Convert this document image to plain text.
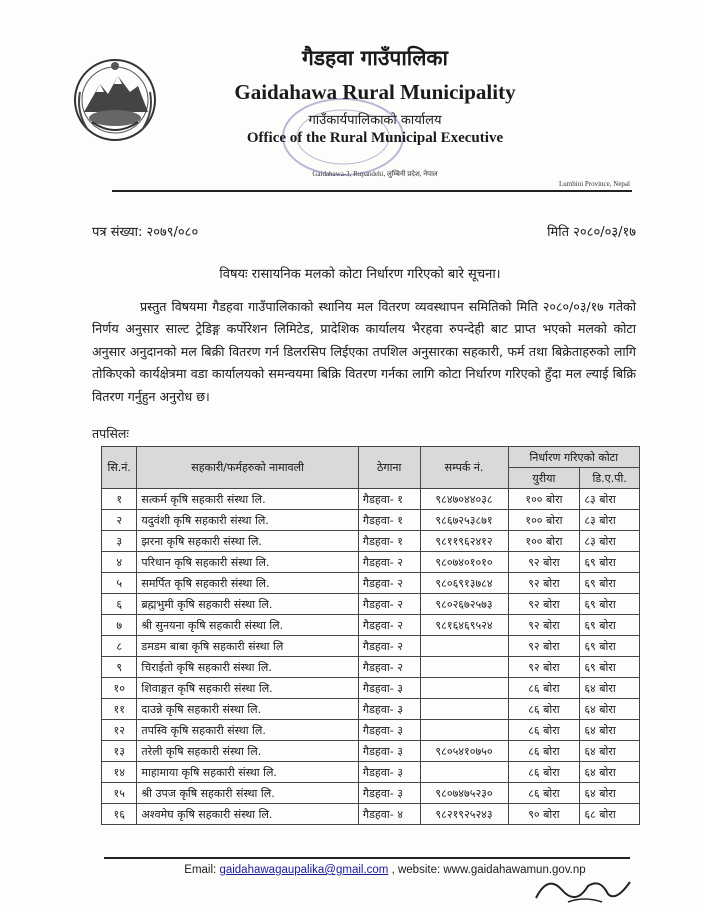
गैडहवा गाउँपालिका
Gaidahawa Rural Municipality
गाउँकार्यपालिकाको कार्यालय
Office of the Rural Municipal Executive
Gaidahawa-3, Rupandehi, लुम्बिनी प्रदेश, नेपाल
Lumbini Province, Nepal
पत्र संख्या: २०७९/०८०	मिति २०८०/०३/१७
विषयः रासायनिक मलको कोटा निर्धारण गरिएको बारे सूचना।
प्रस्तुत विषयमा गैडहवा गाउँपालिकाको स्थानिय मल वितरण व्यवस्थापन समितिको मिति २०८०/०३/१७ गतेको निर्णय अनुसार साल्ट ट्रेडिङ्ग कर्पोरेशन लिमिटेड, प्रादेशिक कार्यालय भैरहवा रुपन्देही बाट प्राप्त भएको मलको कोटा अनुसार अनुदानको मल बिक्री वितरण गर्न डिलरसिप लिईएका तपशिल अनुसारका सहकारी, फर्म तथा बिक्रेताहरुको लागि तोकिएको कार्यक्षेत्रमा वडा कार्यालयको समन्वयमा बिक्रि वितरण गर्नका लागि कोटा निर्धारण गरिएको हुँदा मल ल्याई बिक्रि वितरण गर्नुहुन अनुरोध छ।
तपसिलः
सि.नं.	सहकारी/फर्महरुको नामावली	ठेगाना	सम्पर्क नं.	निर्धारण गरिएको कोटा	
				युरीया	डि.ए.पी.
१	सत्कर्म कृषि सहकारी संस्था लि.	गैडहवा- १	९८४७०४४०३८	१०० बोरा	८३ बोरा
२	यदुवंशी कृषि सहकारी संस्था लि.	गैडहवा- १	९८६७२५३८७१	१०० बोरा	८३ बोरा
३	झरना कृषि सहकारी संस्था लि.	गैडहवा- १	९८११९६२४१२	१०० बोरा	८३ बोरा
४	परिधान कृषि सहकारी संस्था लि.	गैडहवा- २	९८०७४०१०१०	९२ बोरा	६९ बोरा
५	समर्पित कृषि सहकारी संस्था लि.	गैडहवा- २	९८०६९१३७८४	९२ बोरा	६९ बोरा
६	ब्रह्मभुमी कृषि सहकारी संस्था लि.	गैडहवा- २	९८०२६७२५७३	९२ बोरा	६९ बोरा
७	श्री सुनयना कृषि सहकारी संस्था लि.	गैडहवा- २	९८१६४६९५२४	९२ बोरा	६९ बोरा
८	डमडम बाबा कृषि सहकारी संस्था लि	गैडहवा- २		९२ बोरा	६९ बोरा
९	चिराईतो कृषि सहकारी संस्था लि.	गैडहवा- २		९२ बोरा	६९ बोरा
१०	शिवाङ्गत कृषि सहकारी संस्था लि.	गैडहवा- ३		८६ बोरा	६४ बोरा
११	दाउन्ने कृषि सहकारी संस्था लि.	गैडहवा- ३		८६ बोरा	६४ बोरा
१२	तपस्वि कृषि सहकारी संस्था लि.	गैडहवा- ३		८६ बोरा	६४ बोरा
१३	तरेली कृषि सहकारी संस्था लि.	गैडहवा- ३	९८०५४१०७५०	८६ बोरा	६४ बोरा
१४	माहामाया कृषि सहकारी संस्था लि.	गैडहवा- ३		८६ बोरा	६४ बोरा
१५	श्री उपज कृषि सहकारी संस्था लि.	गैडहवा- ३	९८०७४७५२३०	८६ बोरा	६४ बोरा
१६	अश्वमेघ कृषि सहकारी संस्था लि.	गैडहवा- ४	९८२१९२५२४३	९० बोरा	६८ बोरा
Email: gaidahawagaupalika@gmail.com , website: www.gaidahawamun.gov.np
